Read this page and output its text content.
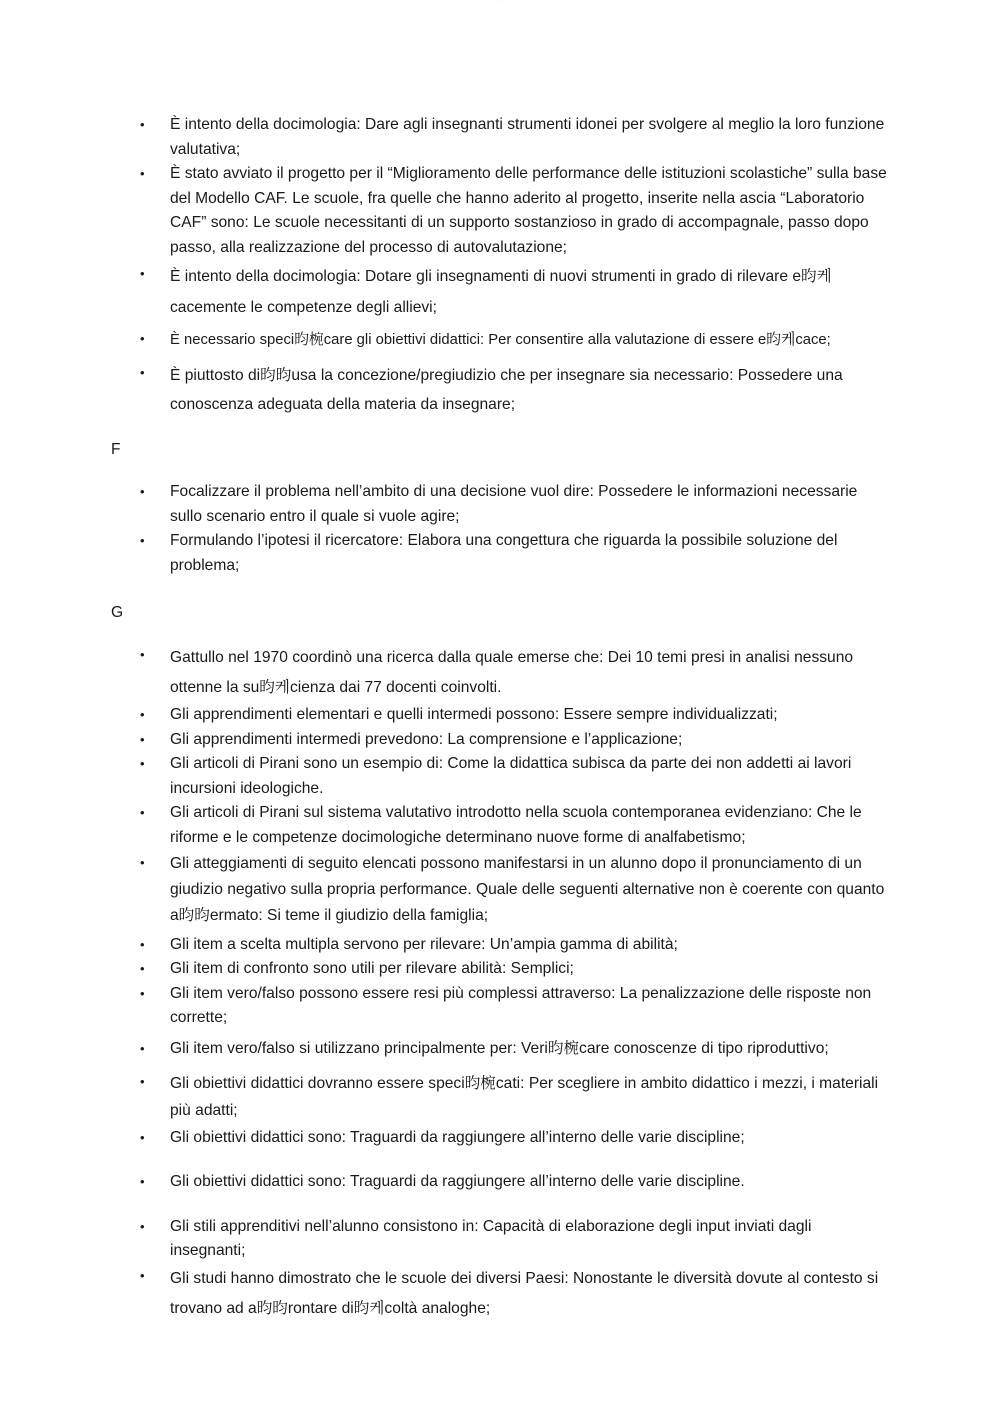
··········
•	È intento della docimologia: Dare agli insegnanti strumenti idonei per svolgere al meglio la loro funzione valutativa;
•	È stato avviato il progetto per il “Miglioramento delle performance delle istituzioni scolastiche” sulla base del Modello CAF. Le scuole, fra quelle che hanno aderito al progetto, inserite nella ascia “Laboratorio CAF” sono: Le scuole necessitanti di un supporto sostanzioso in grado di accompagnale, passo dopo passo, alla realizzazione del processo di autovalutazione;
•	È intento della docimologia: Dotare gli insegnamenti di nuovi strumenti in grado di rilevare e昀케cacemente le competenze degli allievi;
•	È necessario speci昀椀care gli obiettivi didattici: Per consentire alla valutazione di essere e昀케cace;
•	È piuttosto di昀昀usa la concezione/pregiudizio che per insegnare sia necessario: Possedere una conoscenza adeguata della materia da insegnare;
F
•	Focalizzare il problema nell’ambito di una decisione vuol dire: Possedere le informazioni necessarie sullo scenario entro il quale si vuole agire;
•	Formulando l’ipotesi il ricercatore: Elabora una congettura che riguarda la possibile soluzione del problema;
G
•	Gattullo nel 1970 coordinò una ricerca dalla quale emerse che: Dei 10 temi presi in analisi nessuno ottenne la su昀케cienza dai 77 docenti coinvolti.
•	Gli apprendimenti elementari e quelli intermedi possono: Essere sempre individualizzati;
•	Gli apprendimenti intermedi prevedono: La comprensione e l’applicazione;
•	Gli articoli di Pirani sono un esempio di: Come la didattica subisca da parte dei non addetti ai lavori incursioni ideologiche.
•	Gli articoli di Pirani sul sistema valutativo introdotto nella scuola contemporanea evidenziano: Che le riforme e le competenze docimologiche determinano nuove forme di analfabetismo;
•	Gli atteggiamenti di seguito elencati possono manifestarsi in un alunno dopo il pronunciamento di un giudizio negativo sulla propria performance. Quale delle seguenti alternative non è coerente con quanto a昀昀ermato: Si teme il giudizio della famiglia;
•	Gli item a scelta multipla servono per rilevare: Un’ampia gamma di abilità;
•	Gli item di confronto sono utili per rilevare abilità: Semplici;
•	Gli item vero/falso possono essere resi più complessi attraverso: La penalizzazione delle risposte non corrette;
•	Gli item vero/falso si utilizzano principalmente per: Veri昀椀care conoscenze di tipo riproduttivo;
•	Gli obiettivi didattici dovranno essere speci昀椀cati: Per scegliere in ambito didattico i mezzi, i materiali più adatti;
•	Gli obiettivi didattici sono: Traguardi da raggiungere all’interno delle varie discipline;
•	Gli obiettivi didattici sono: Traguardi da raggiungere all’interno delle varie discipline.
•	Gli stili apprenditivi nell’alunno consistono in: Capacità di elaborazione degli input inviati dagli insegnanti;
•	Gli studi hanno dimostrato che le scuole dei diversi Paesi: Nonostante le diversità dovute al contesto si trovano ad a昀昀rontare di昀케coltà analoghe;
